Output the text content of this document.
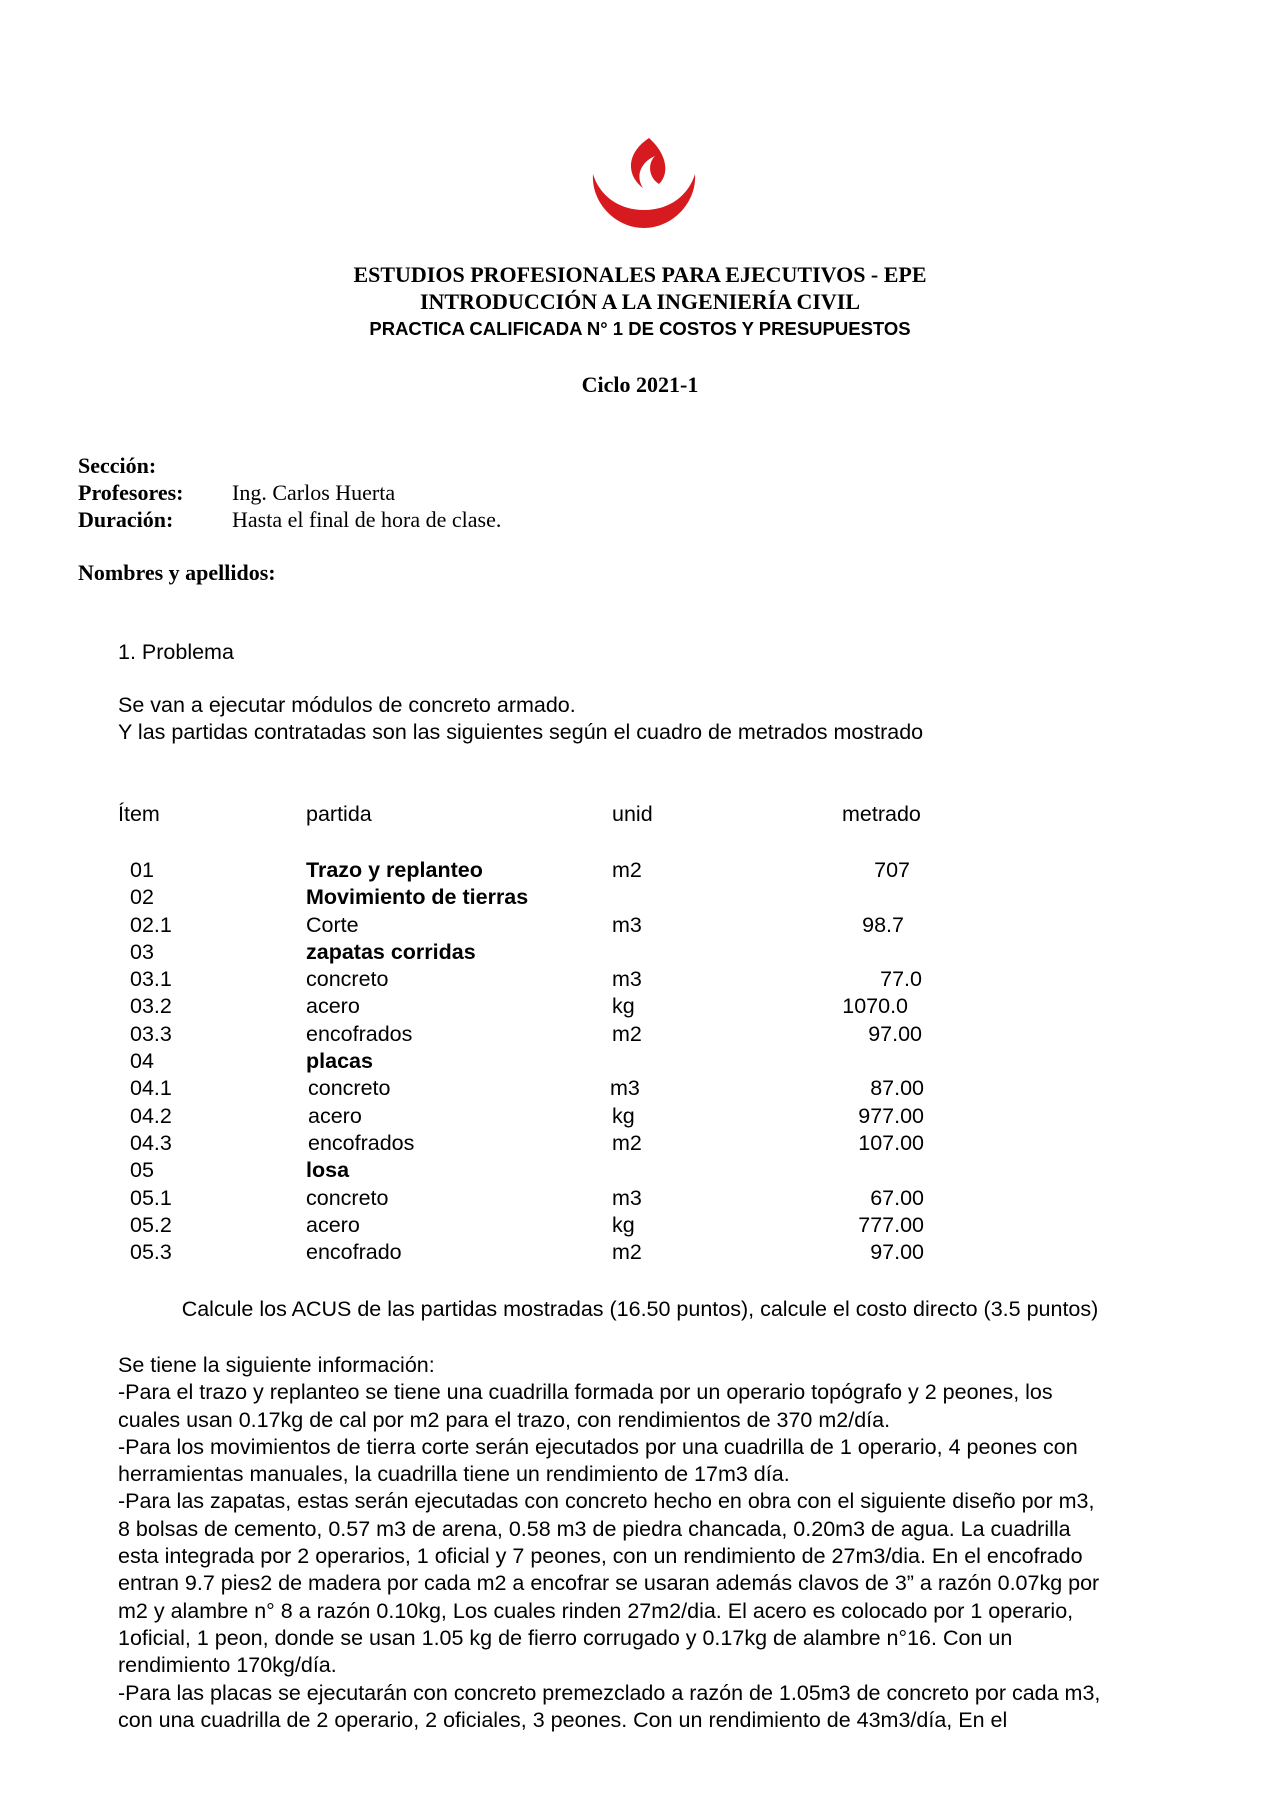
ESTUDIOS PROFESIONALES PARA EJECUTIVOS - EPE
INTRODUCCIÓN A LA INGENIERÍA CIVIL
PRACTICA CALIFICADA N° 1 DE COSTOS Y PRESUPUESTOS
Ciclo 2021-1
Sección:
Profesores: Ing. Carlos Huerta
Duración:	Hasta el final de hora de clase.
Nombres y apellidos:
1. Problema
Se van a ejecutar módulos de concreto armado.
Y las partidas contratadas son las siguientes según el cuadro de metrados mostrado
Ítem	partida	unid	metrado
01	Trazo y replanteo	m2	707
02	Movimiento de tierras
02.1	Corte	m3	98.7
03	zapatas corridas
03.1	concreto	m3	77.0
03.2	acero	kg	1070.0
03.3	encofrados	m2	97.00
04	placas
04.1	concreto	m3	87.00
04.2	acero	kg	977.00
04.3	encofrados	m2	107.00
05	losa
05.1	concreto	m3	67.00
05.2	acero	kg	777.00
05.3	encofrado	m2	97.00
Calcule los ACUS de las partidas mostradas (16.50 puntos), calcule el costo directo (3.5 puntos)
Se tiene la siguiente información:
-Para el trazo y replanteo se tiene una cuadrilla formada por un operario topógrafo y 2 peones, los
cuales usan 0.17kg de cal por m2 para el trazo, con rendimientos de 370 m2/día.
-Para los movimientos de tierra corte serán ejecutados por una cuadrilla de 1 operario, 4 peones con
herramientas manuales, la cuadrilla tiene un rendimiento de 17m3 día.
-Para las zapatas, estas serán ejecutadas con concreto hecho en obra con el siguiente diseño por m3,
8 bolsas de cemento, 0.57 m3 de arena, 0.58 m3 de piedra chancada, 0.20m3 de agua. La cuadrilla
esta integrada por 2 operarios, 1 oficial y 7 peones, con un rendimiento de 27m3/dia. En el encofrado
entran 9.7 pies2 de madera por cada m2 a encofrar se usaran además clavos de 3” a razón 0.07kg por
m2 y alambre n° 8 a razón 0.10kg, Los cuales rinden 27m2/dia. El acero es colocado por 1 operario,
1oficial, 1 peon, donde se usan 1.05 kg de fierro corrugado y 0.17kg de alambre n°16. Con un
rendimiento 170kg/día.
-Para las placas se ejecutarán con concreto premezclado a razón de 1.05m3 de concreto por cada m3,
con una cuadrilla de 2 operario, 2 oficiales, 3 peones. Con un rendimiento de 43m3/día, En el
